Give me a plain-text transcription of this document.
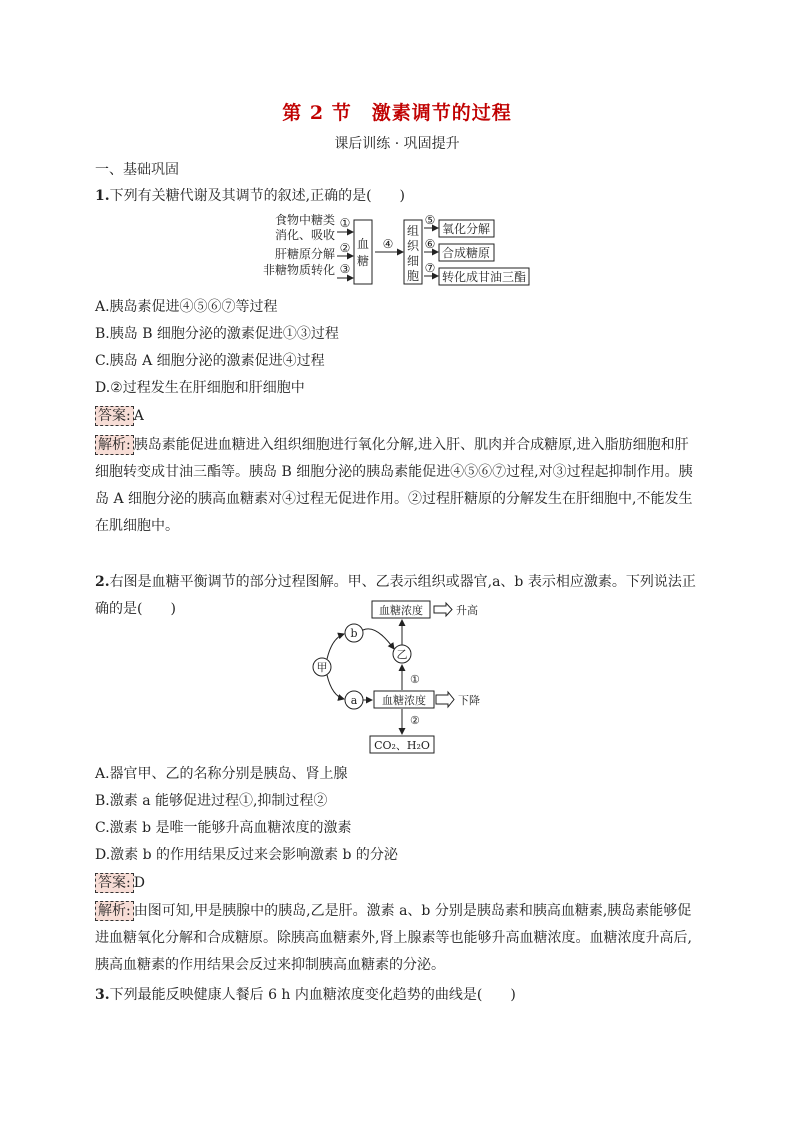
第 2 节　激素调节的过程
课后训练 · 巩固提升
一、基础巩固
1.下列有关糖代谢及其调节的叙述,正确的是(　　)
食物中糖类
消化、吸收
肝糖原分解
非糖物质转化
①
②
③
血
糖
④
组
织
细
胞
⑤
⑥
⑦
氧化分解
合成糖原
转化成甘油三酯
A.胰岛素促进④⑤⑥⑦等过程
B.胰岛 B 细胞分泌的激素促进①③过程
C.胰岛 A 细胞分泌的激素促进④过程
D.②过程发生在肝细胞和肝细胞中
答案: A
解析: 胰岛素能促进血糖进入组织细胞进行氧化分解,进入肝、肌肉并合成糖原,进入脂肪细胞和肝细胞转变成甘油三酯等。胰岛 B 细胞分泌的胰岛素能促进④⑤⑥⑦过程,对③过程起抑制作用。胰岛 A 细胞分泌的胰高血糖素对④过程无促进作用。②过程肝糖原的分解发生在肝细胞中,不能发生在肌细胞中。
2.右图是血糖平衡调节的部分过程图解。甲、乙表示组织或器官,a、b 表示相应激素。下列说法正确的是(　　)	血糖浓度	升高
血糖浓度	下降
CO₂、H₂O
甲
b
a
乙
①
②
A.器官甲、乙的名称分别是胰岛、肾上腺
B.激素 a 能够促进过程①,抑制过程②
C.激素 b 是唯一能够升高血糖浓度的激素
D.激素 b 的作用结果反过来会影响激素 b 的分泌
答案: D
解析: 由图可知,甲是胰腺中的胰岛,乙是肝。激素 a、b 分别是胰岛素和胰高血糖素,胰岛素能够促进血糖氧化分解和合成糖原。除胰高血糖素外,肾上腺素等也能够升高血糖浓度。血糖浓度升高后,胰高血糖素的作用结果会反过来抑制胰高血糖素的分泌。
3.下列最能反映健康人餐后 6 h 内血糖浓度变化趋势的曲线是(　　)
